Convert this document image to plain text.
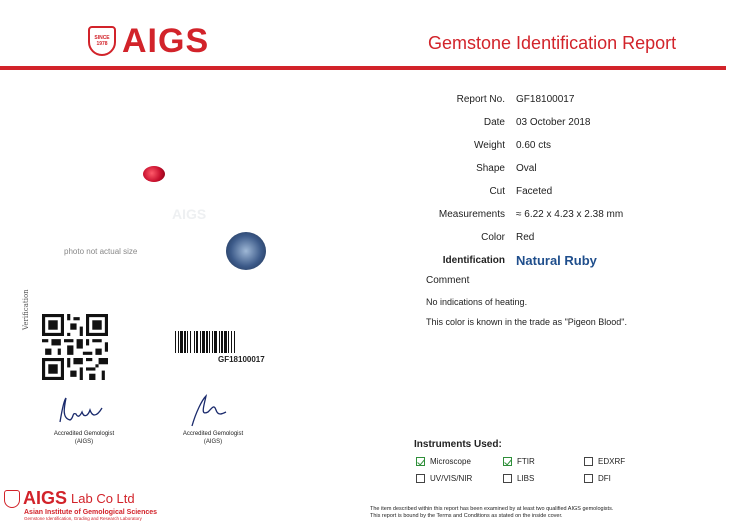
SINCE
1978 AIGS	Gemstone Identification Report
Report No. GF18100017
Date 03 October 2018
Weight 0.60 cts
Shape Oval
Cut Faceted
Measurements ≈ 6.22 x 4.23 x 2.38 mm
Color Red
Identification Natural Ruby
Comment
No indications of heating.
This color is known in the trade as "Pigeon Blood".
AIGS
photo not actual size
Verification
GF18100017
Accredited Gemologist
(AIGS)
Accredited Gemologist
(AIGS)	Instruments Used:
Microscope	FTIR	EDXRF
UV/VIS/NIR	LIBS	DFI
The item described within this report has been examined by at least two qualified AIGS gemologists.
This report is bound by the Terms and Conditions as stated on the inside cover.
AIGS Lab Co Ltd
Asian Institute of Gemological Sciences
Gemstone Identification, Grading and Research Laboratory
